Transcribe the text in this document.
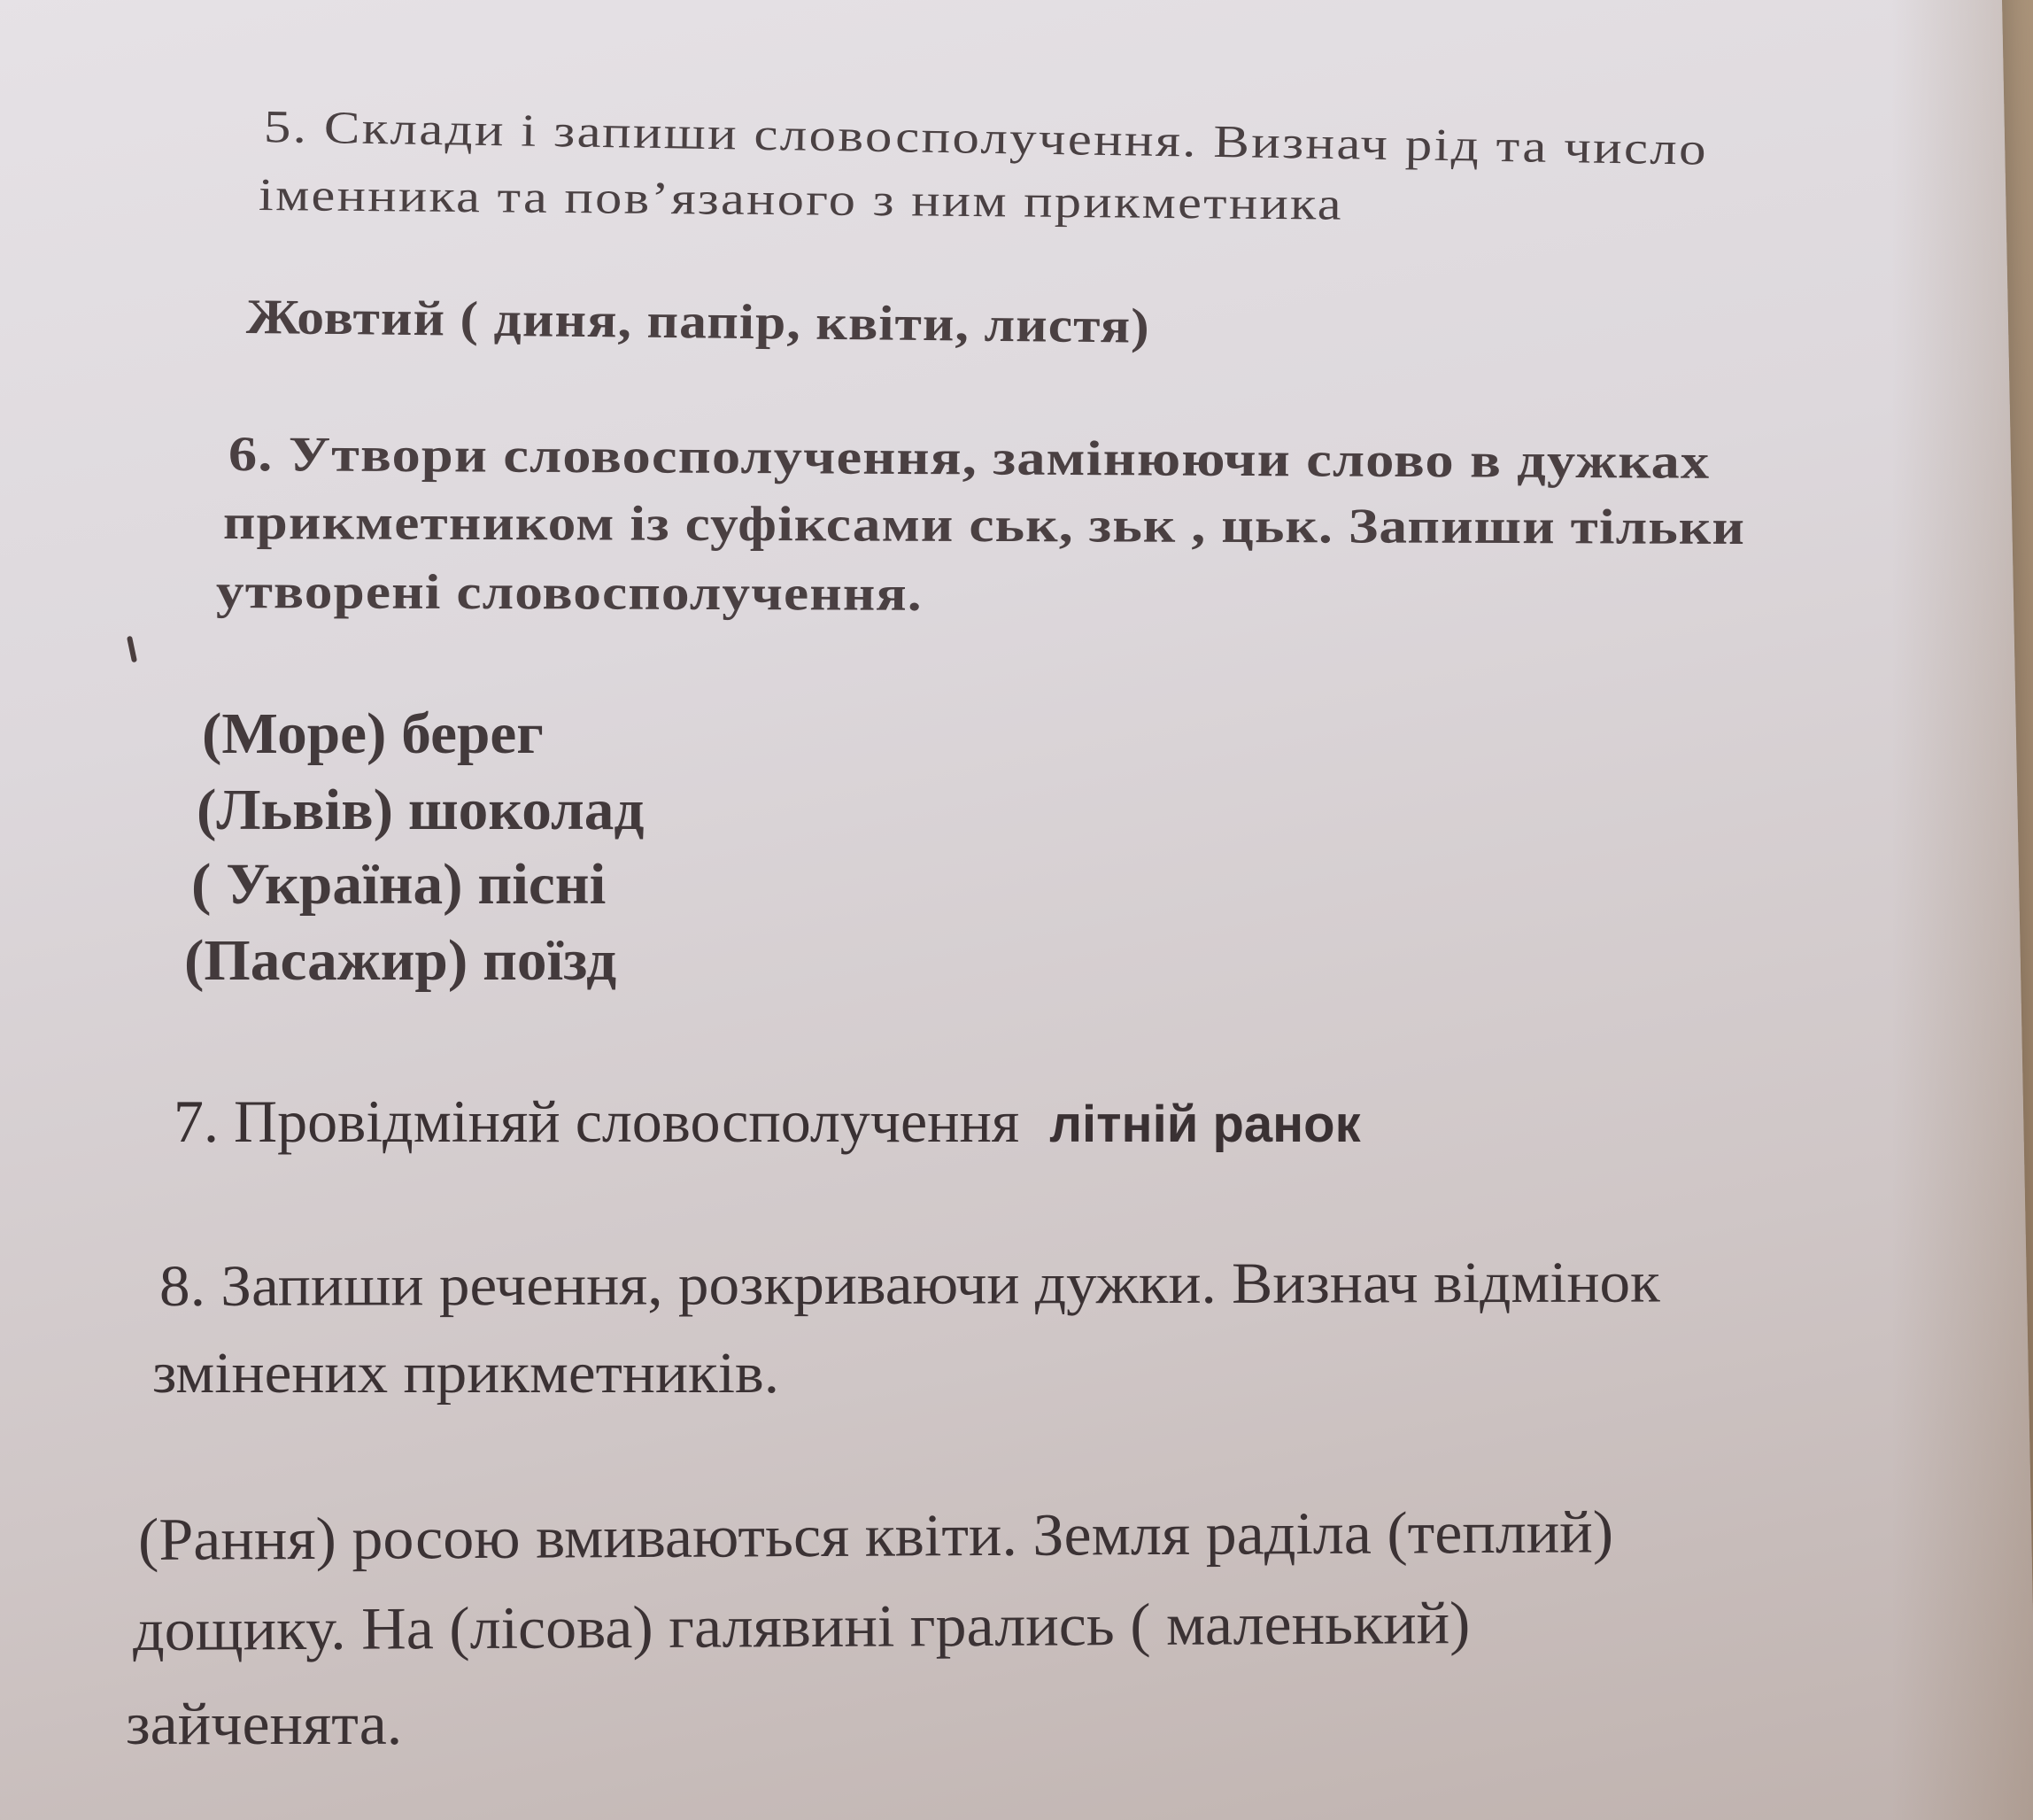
5. Склади і запиши словосполучення. Визнач рід та число
іменника та пов’язаного з ним прикметника
Жовтий ( диня, папір, квіти, листя)
6. Утвори словосполучення, замінюючи слово в дужках
прикметником із суфіксами ськ, зьк , цьк. Запиши тільки
утворені словосполучення.
(Море) берег
(Львів) шоколад
( Україна) пісні
(Пасажир) поїзд
7. Провідміняй словосполучення літній ранок
8. Запиши речення, розкриваючи дужки. Визнач відмінок
змінених прикметників.
(Рання) росою вмиваються квіти. Земля раділа (теплий)
дощику. На (лісова) галявині грались ( маленький)
зайченята.
